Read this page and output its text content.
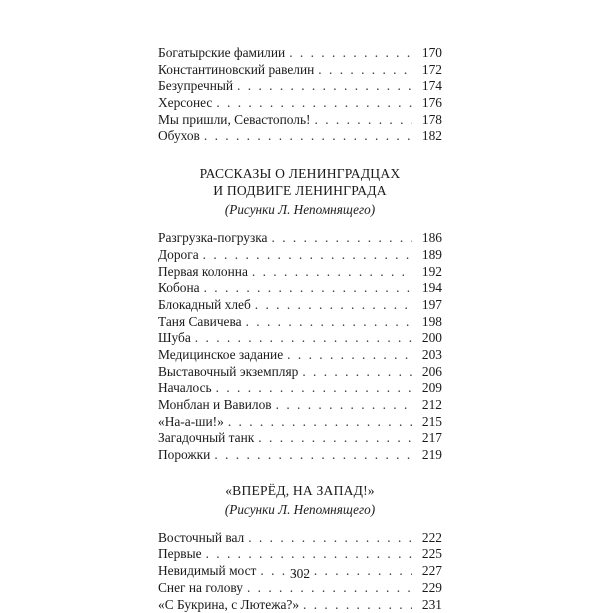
Богатырские фамилии . . .	170
Константиновский равелин . . .	172
Безупречный . . .	174
Херсонес . . .	176
Мы пришли, Севастополь! . . .	178
Обухов . . .	182
РАССКАЗЫ О ЛЕНИНГРАДЦАХ
И ПОДВИГЕ ЛЕНИНГРАДА

(Рисунки Л. Непомнящего)

Разгрузка-погрузка . . .	186
Дорога . . .	189
Первая колонна . . .	192
Кобона . . .	194
Блокадный хлеб . . .	197
Таня Савичева . . .	198
Шуба . . .	200
Медицинское задание . . .	203
Выставочный экземпляр . . .	206
Началось . . .	209
Монблан и Вавилов . . .	212
«На-а-ши!» . . .	215
Загадочный танк . . .	217
Порожки . . .	219
«ВПЕРЁД, НА ЗАПАД!»

(Рисунки Л. Непомнящего)

Восточный вал . . .	222
Первые . . .	225
Невидимый мост . . .	227
Снег на голову . . .	229
«С Букрина, с Лютежа?» . . .	231
302
